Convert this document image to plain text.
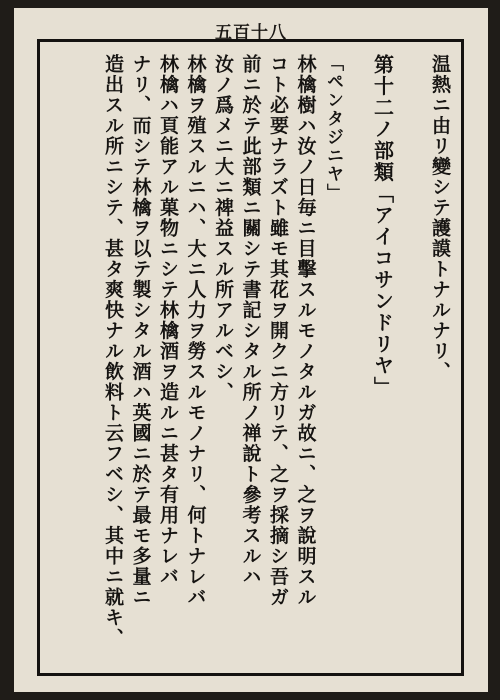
五百十八
温熱ニ由リ變シテ護謨トナルナリ、
第十二ノ部類「アイコサンドリヤ」
「ペンタジニヤ」
林檎樹ハ汝ノ日毎ニ目擊スルモノタルガ故ニ、之ヲ說明スル
コト必要ナラズト雖モ其花ヲ開クニ方リテ、之ヲ採摘シ吾ガ
前ニ於テ此部類ニ關シテ書記シタル所ノ禅說ト參考スルハ
汝ノ爲メニ大ニ禆益スル所アルベシ、
林檎ヲ殖スルニハ、大ニ人力ヲ勞スルモノナリ、何トナレバ
林檎ハ頁能アル菓物ニシテ林檎酒ヲ造ルニ甚タ有用ナレバ
ナリ、而シテ林檎ヲ以テ製シタル酒ハ英國ニ於テ最モ多量ニ
造出スル所ニシテ、甚タ爽快ナル飲料ト云フベシ、其中ニ就キ、
